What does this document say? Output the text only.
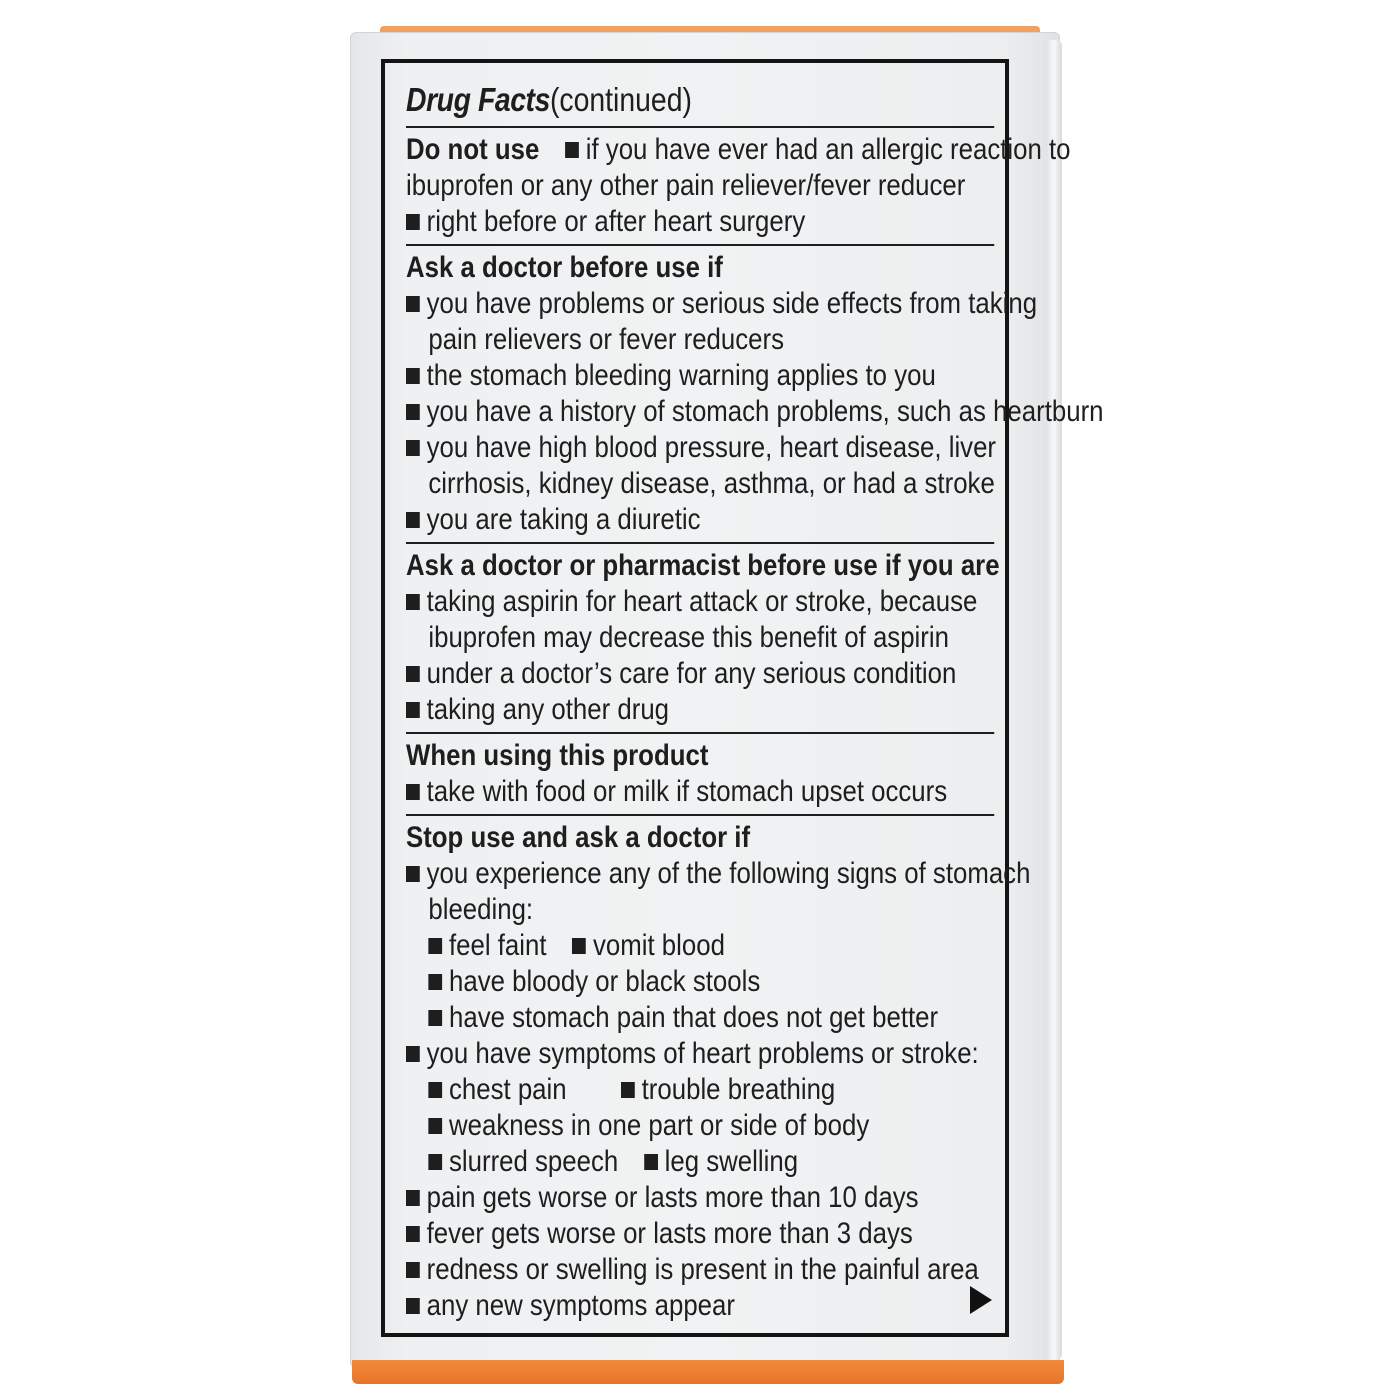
Drug Facts(continued)
Do not use if you have ever had an allergic reaction to
ibuprofen or any other pain reliever/fever reducer
right before or after heart surgery
Ask a doctor before use if
you have problems or serious side effects from taking
pain relievers or fever reducers
the stomach bleeding warning applies to you
you have a history of stomach problems, such as heartburn
you have high blood pressure, heart disease, liver
cirrhosis, kidney disease, asthma, or had a stroke
you are taking a diuretic
Ask a doctor or pharmacist before use if you are
taking aspirin for heart attack or stroke, because
ibuprofen may decrease this benefit of aspirin
under a doctor’s care for any serious condition
taking any other drug
When using this product
take with food or milk if stomach upset occurs
Stop use and ask a doctor if
you experience any of the following signs of stomach
bleeding:
feel faint vomit blood
have bloody or black stools
have stomach pain that does not get better
you have symptoms of heart problems or stroke:
chest pain	trouble breathing
weakness in one part or side of body
slurred speech leg swelling
pain gets worse or lasts more than 10 days
fever gets worse or lasts more than 3 days
redness or swelling is present in the painful area
any new symptoms appear
